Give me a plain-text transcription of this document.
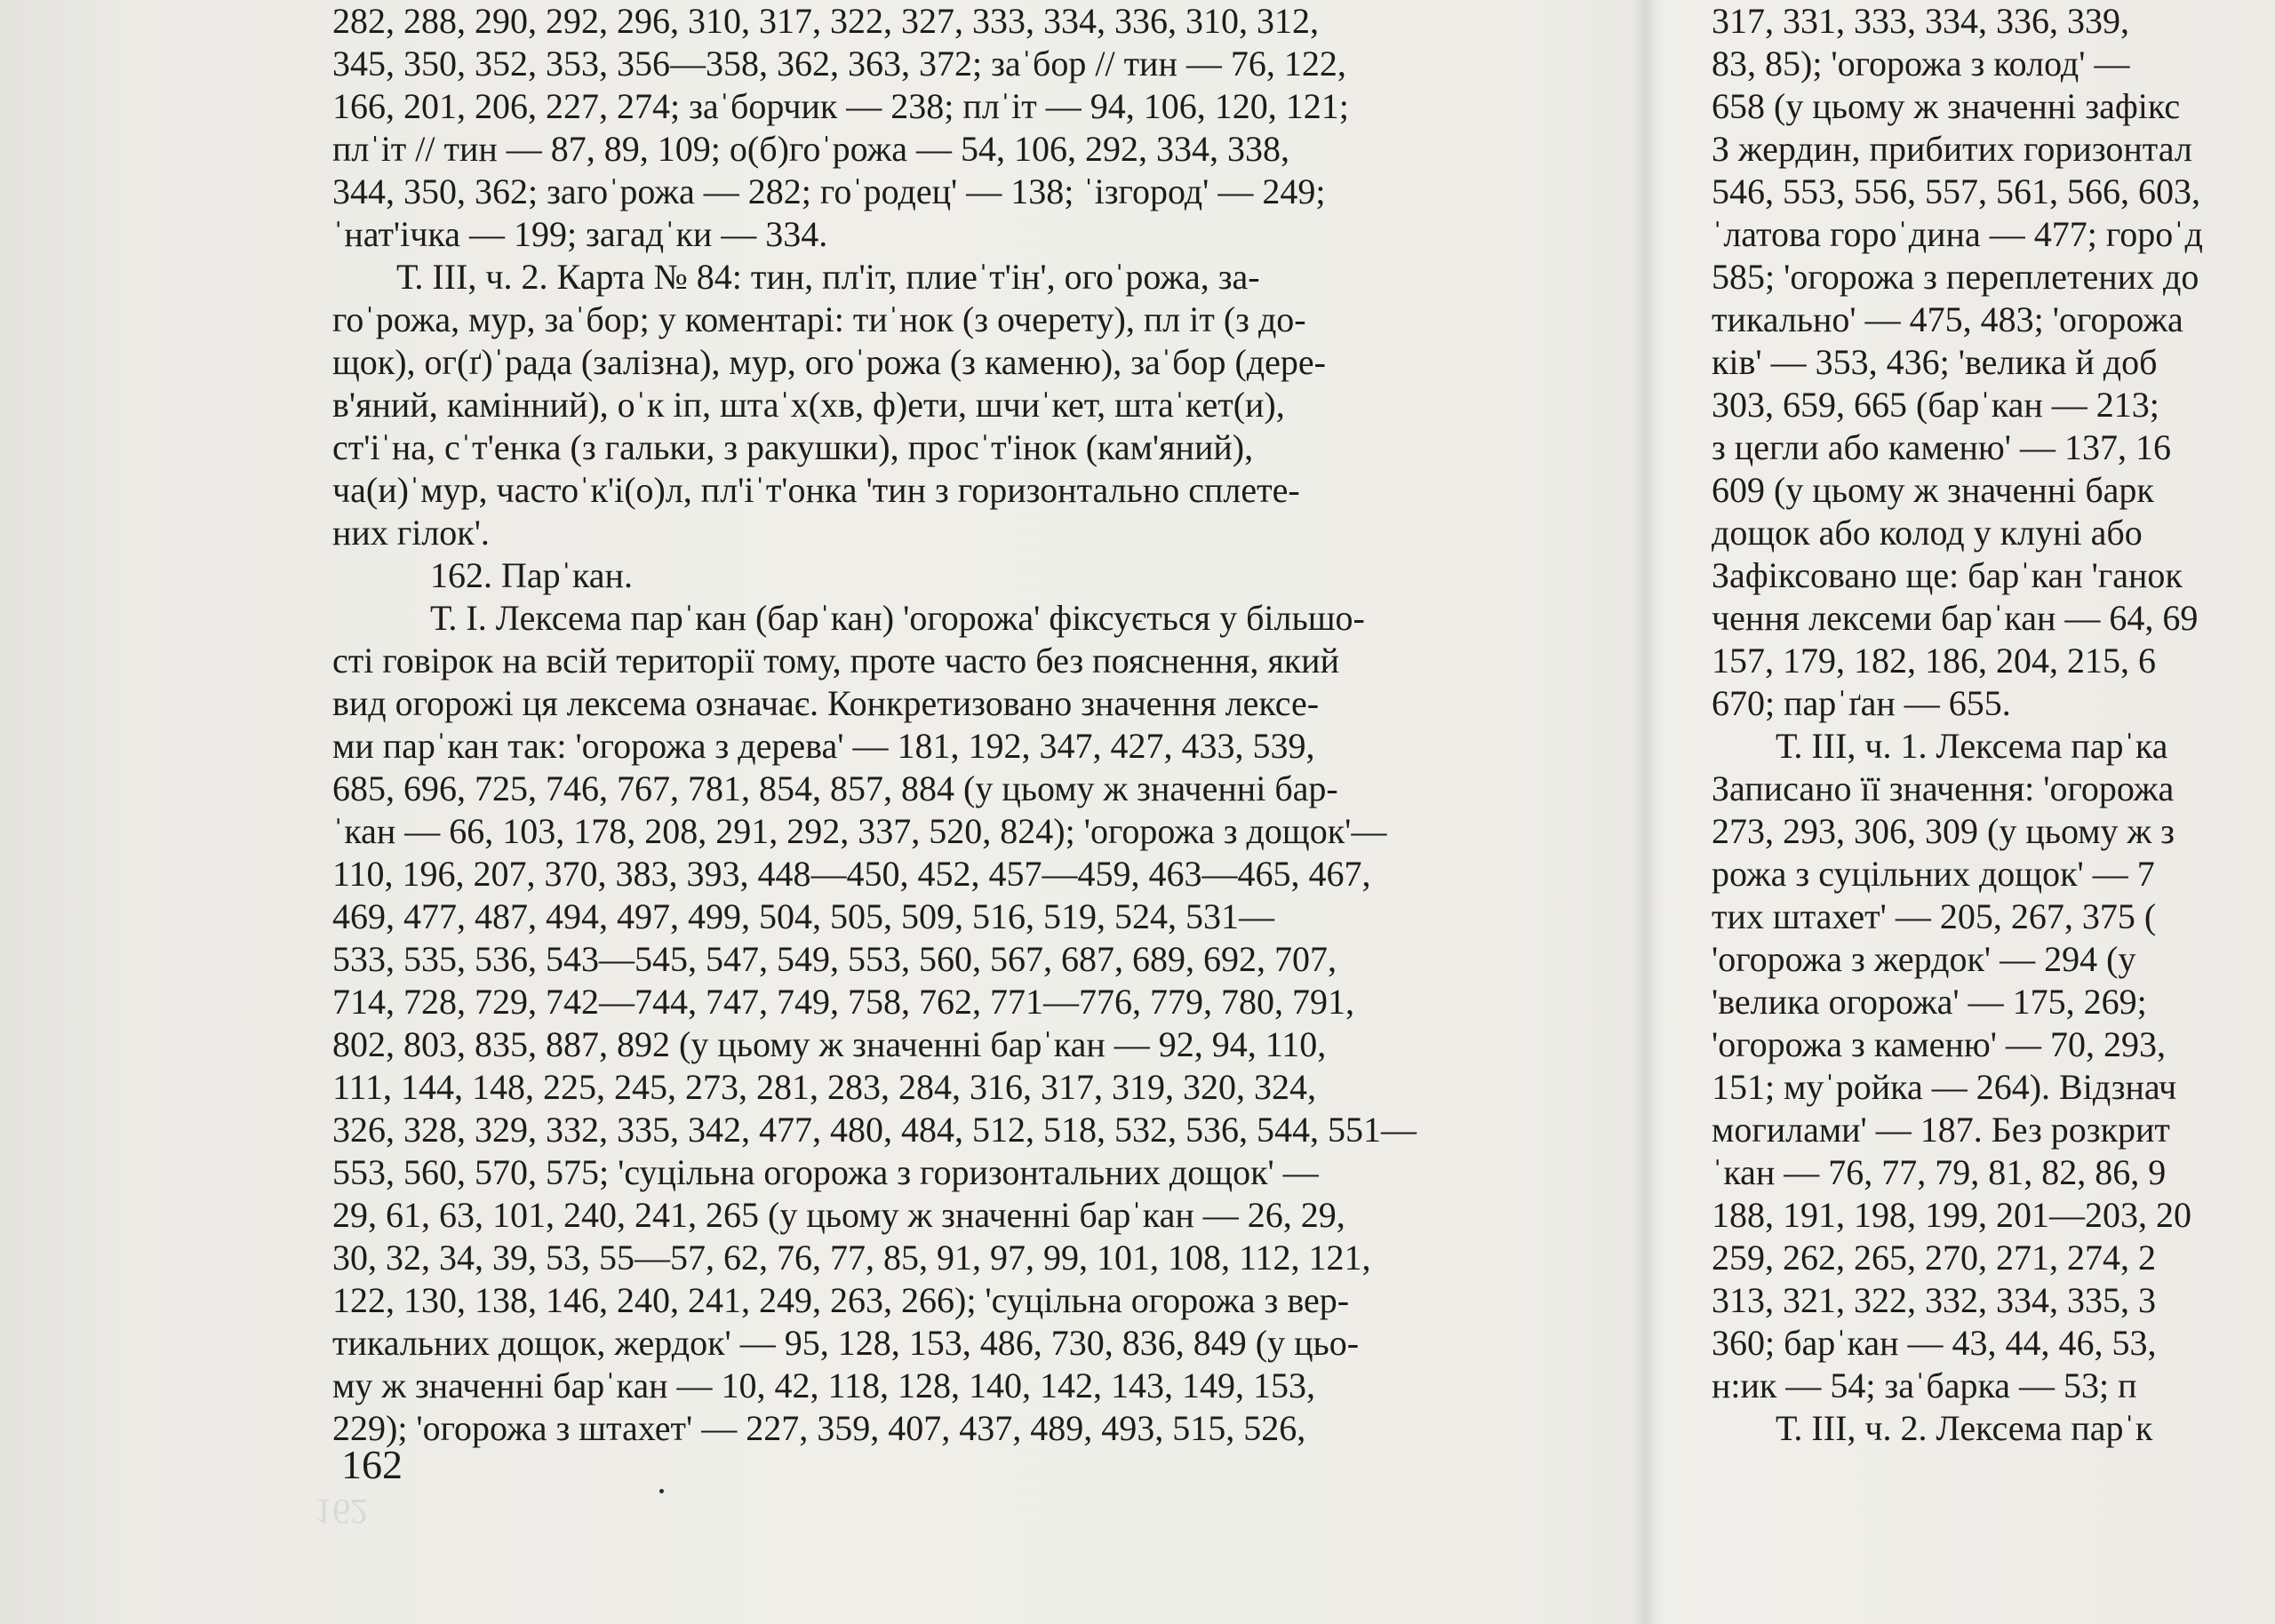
282, 288, 290, 292, 296, 310, 317, 322, 327, 333, 334, 336, 310, 312,
345, 350, 352, 353, 356—358, 362, 363, 372; заˈбор // тин — 76, 122,
166, 201, 206, 227, 274; заˈборчик — 238; плˈіт — 94, 106, 120, 121;
плˈіт // тин — 87, 89, 109; о(б)гоˈрожа — 54, 106, 292, 334, 338,
344, 350, 362; загоˈрожа — 282; гоˈродец' — 138; ˈізгород' — 249;
ˈнат'ічка — 199; загадˈки — 334.
Т. III, ч. 2. Карта № 84: тин, пл'іт, плиеˈт'ін', огоˈрожа, за-
гоˈрожа, мур, заˈбор; у коментарі: тиˈнок (з очерету), пл іт (з до-
щок), ог(ґ)ˈрада (залізна), мур, огоˈрожа (з каменю), заˈбор (дере-
в'яний, камінний), оˈк іп, штаˈх(хв, ф)ети, шчиˈкет, штаˈкет(и),
ст'іˈна, сˈт'енка (з гальки, з ракушки), просˈт'інок (кам'яний),
ча(и)ˈмур, частоˈк'і(о)л, пл'іˈт'онка 'тин з горизонтально сплете-
них гілок'.
162. Парˈкан.
Т. І. Лексема парˈкан (барˈкан) 'огорожа' фіксується у більшо-
сті говірок на всій території тому, проте часто без пояснення, який
вид огорожі ця лексема означає. Конкретизовано значення лексе-
ми парˈкан так: 'огорожа з дерева' — 181, 192, 347, 427, 433, 539,
685, 696, 725, 746, 767, 781, 854, 857, 884 (у цьому ж значенні бар-
ˈкан — 66, 103, 178, 208, 291, 292, 337, 520, 824); 'огорожа з дощок'—
110, 196, 207, 370, 383, 393, 448—450, 452, 457—459, 463—465, 467,
469, 477, 487, 494, 497, 499, 504, 505, 509, 516, 519, 524, 531—
533, 535, 536, 543—545, 547, 549, 553, 560, 567, 687, 689, 692, 707,
714, 728, 729, 742—744, 747, 749, 758, 762, 771—776, 779, 780, 791,
802, 803, 835, 887, 892 (у цьому ж значенні барˈкан — 92, 94, 110,
111, 144, 148, 225, 245, 273, 281, 283, 284, 316, 317, 319, 320, 324,
326, 328, 329, 332, 335, 342, 477, 480, 484, 512, 518, 532, 536, 544, 551—
553, 560, 570, 575; 'суцільна огорожа з горизонтальних дощок' —
29, 61, 63, 101, 240, 241, 265 (у цьому ж значенні барˈкан — 26, 29,
30, 32, 34, 39, 53, 55—57, 62, 76, 77, 85, 91, 97, 99, 101, 108, 112, 121,
122, 130, 138, 146, 240, 241, 249, 263, 266); 'суцільна огорожа з вер-
тикальних дощок, жердок' — 95, 128, 153, 486, 730, 836, 849 (у цьо-
му ж значенні барˈкан — 10, 42, 118, 128, 140, 142, 143, 149, 153,
229); 'огорожа з штахет' — 227, 359, 407, 437, 489, 493, 515, 526,
317, 331, 333, 334, 336, 339,
83, 85); 'огорожа з колод' —
658 (у цьому ж значенні зафікс
З жердин, прибитих горизонтал
546, 553, 556, 557, 561, 566, 603,
ˈлатова гороˈдина — 477; гороˈд
585; 'огорожа з переплетених до
тикально' — 475, 483; 'огорожа
ків' — 353, 436; 'велика й доб
303, 659, 665 (барˈкан — 213;
з цегли або каменю' — 137, 16
609 (у цьому ж значенні барк
дощок або колод у клуні або
Зафіксовано ще: барˈкан 'ганок
чення лексеми барˈкан — 64, 69
157, 179, 182, 186, 204, 215, 6
670; парˈґан — 655.
Т. III, ч. 1. Лексема парˈка
Записано її значення: 'огорожа
273, 293, 306, 309 (у цьому ж з
рожа з суцільних дощок' — 7
тих штахет' — 205, 267, 375 (
'огорожа з жердок' — 294 (у
'велика огорожа' — 175, 269;
'огорожа з каменю' — 70, 293,
151; муˈройка — 264). Відзнач
могилами' — 187. Без розкрит
ˈкан — 76, 77, 79, 81, 82, 86, 9
188, 191, 198, 199, 201—203, 20
259, 262, 265, 270, 271, 274, 2
313, 321, 322, 332, 334, 335, 3
360; барˈкан — 43, 44, 46, 53,
н:ик — 54; заˈбарка — 53; п
Т. III, ч. 2. Лексема парˈк
162
162
